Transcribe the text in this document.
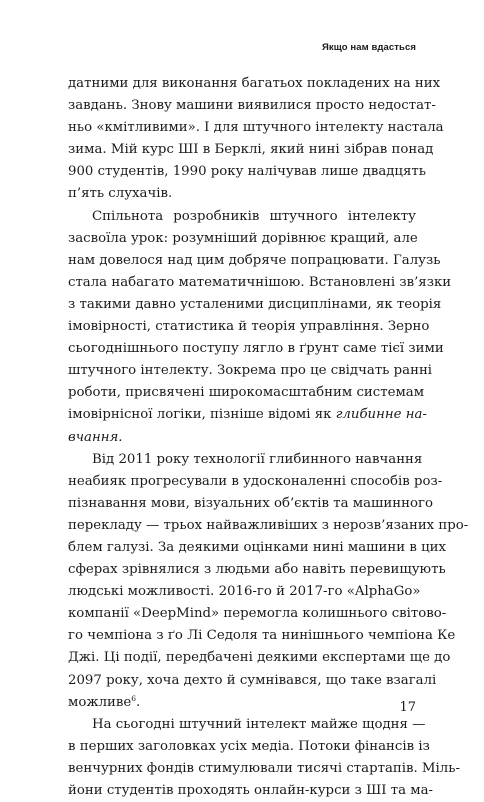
Якщо нам вдасться
датними для виконання багатьох покладених на них
завдань. Знову машини виявилися просто недостат-
ньо «кмітливими». І для штучного інтелекту настала
зима. Мій курс ШІ в Берклі, який нині зібрав понад
900 студентів, 1990 року налічував лише двадцять
п’ять слухачів.
Спільнота розробників штучного інтелекту
засвоїла урок: розумніший дорівнює кращий, але
нам довелося над цим добряче попрацювати. Галузь
стала набагато математичнішою. Встановлені зв’язки
з такими давно усталеними дисциплінами, як теорія
імовірності, статистика й теорія управління. Зерно
сьогоднішнього поступу лягло в ґрунт саме тієї зими
штучного інтелекту. Зокрема про це свідчать ранні
роботи, присвячені широкомасштабним системам
імовірнісної логіки, пізніше відомі як глибинне на-
вчання.
Від 2011 року технології глибинного навчання
неабияк прогресували в удосконаленні способів роз-
пізнавання мови, візуальних об’єктів та машинного
перекладу — трьох найважливіших з нерозв’язаних про-
блем галузі. За деякими оцінками нині машини в цих
сферах зрівнялися з людьми або навіть перевищують
людські можливості. 2016-го й 2017-го «AlphaGo»
компанії «DeepMind» перемогла колишнього світово-
го чемпіона з ґо Лі Седоля та нинішнього чемпіона Ке
Джі. Ці події, передбачені деякими експертами ще до
2097 року, хоча дехто й сумнівався, що таке взагалі
можливе$^6$.
На сьогодні штучний інтелект майже щодня —
в перших заголовках усіх медіа. Потоки фінансів із
венчурних фондів стимулювали тисячі стартапів. Міль-
йони студентів проходять онлайн-курси з ШІ та ма-
17
